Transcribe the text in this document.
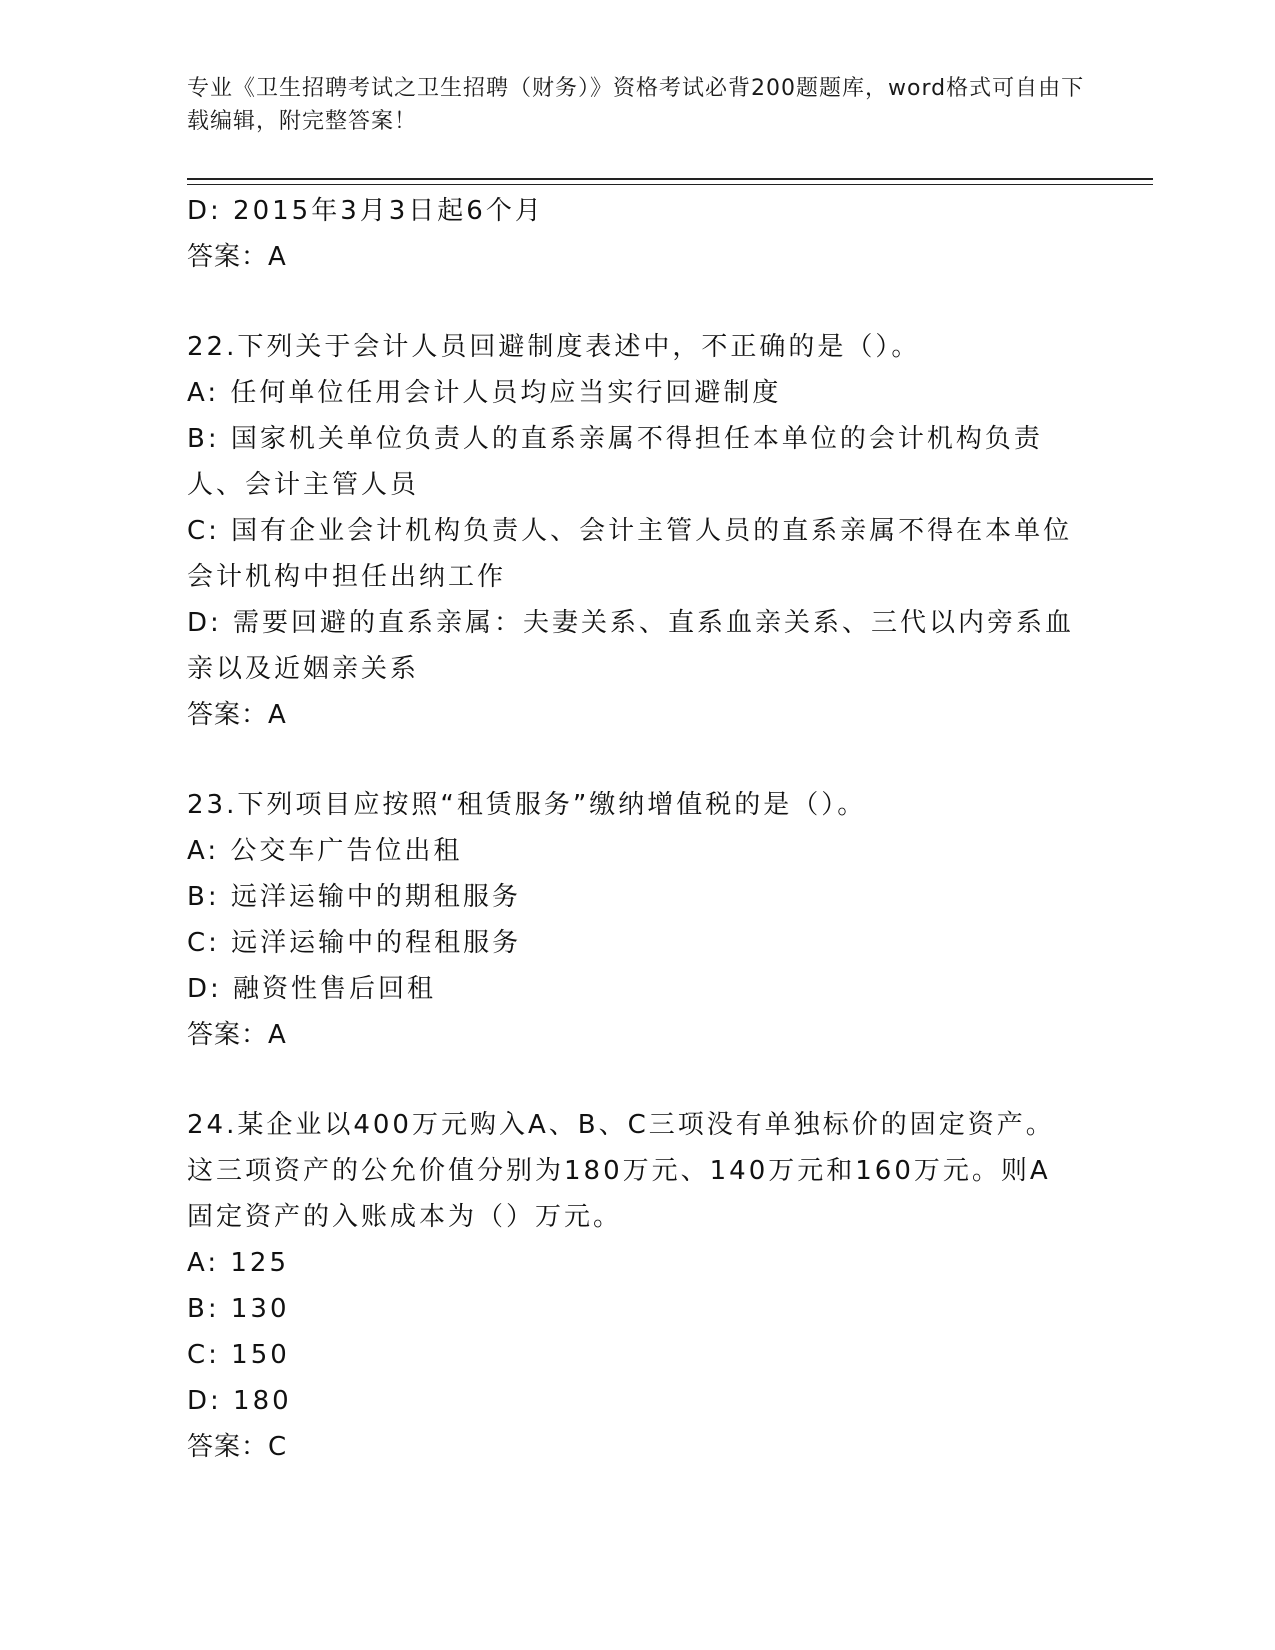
专业《卫生招聘考试之卫生招聘（财务）》资格考试必背200题题库，word格式可自由下载编辑，附完整答案！

D: 2015年3月3日起6个月

答案：A

22.下列关于会计人员回避制度表述中，不正确的是（）。

A: 任何单位任用会计人员均应当实行回避制度

B: 国家机关单位负责人的直系亲属不得担任本单位的会计机构负责人、会计主管人员

C: 国有企业会计机构负责人、会计主管人员的直系亲属不得在本单位会计机构中担任出纳工作

D: 需要回避的直系亲属：夫妻关系、直系血亲关系、三代以内旁系血亲以及近姻亲关系

答案：A

23.下列项目应按照“租赁服务”缴纳增值税的是（）。

A: 公交车广告位出租

B: 远洋运输中的期租服务

C: 远洋运输中的程租服务

D: 融资性售后回租

答案：A

24.某企业以400万元购入A、B、C三项没有单独标价的固定资产。这三项资产的公允价值分别为180万元、140万元和160万元。则A固定资产的入账成本为（）万元。

A: 125

B: 130

C: 150

D: 180

答案：C
